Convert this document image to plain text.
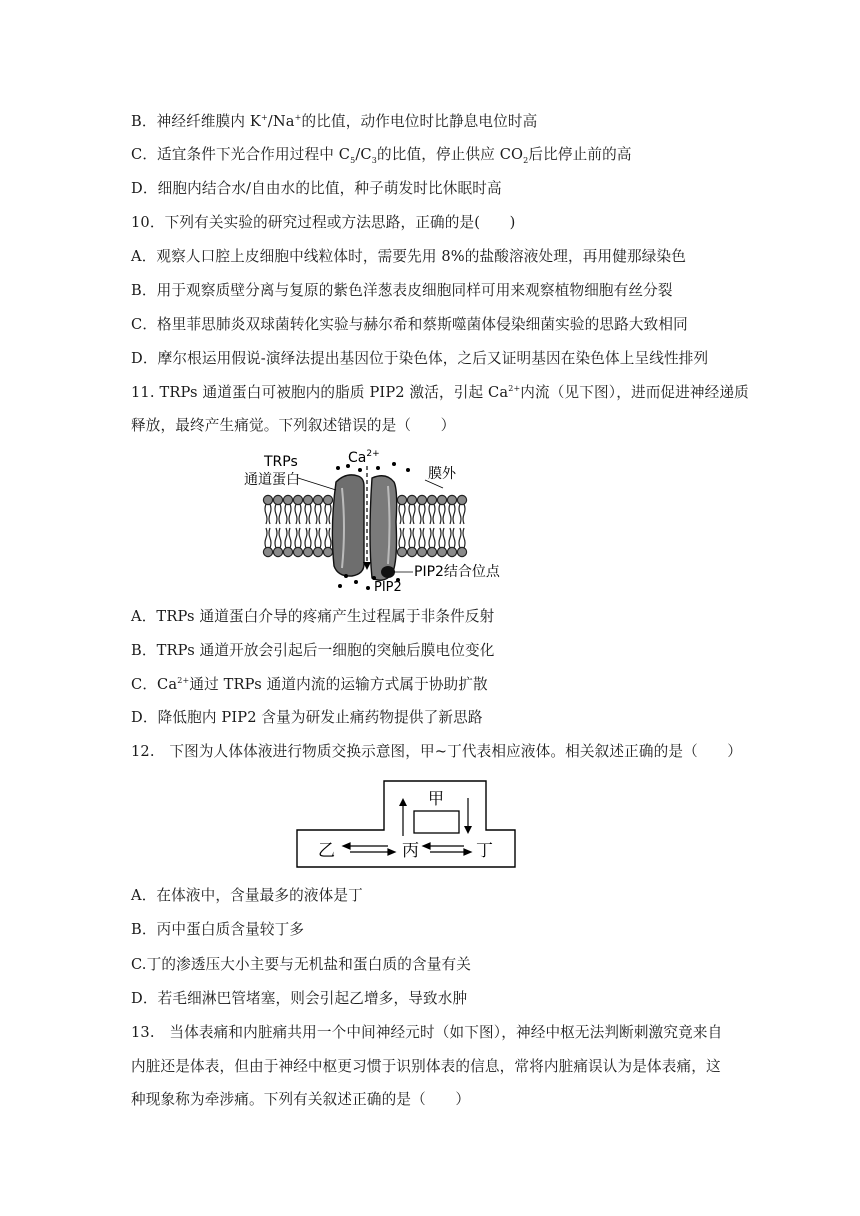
B．神经纤维膜内 K+/Na+的比值，动作电位时比静息电位时高
C．适宜条件下光合作用过程中 $C_5/C_3$的比值，停止供应 $CO_2$后比停止前的高
D．细胞内结合水/自由水的比值，种子萌发时比休眠时高
10．下列有关实验的研究过程或方法思路，正确的是(　　)
A．观察人口腔上皮细胞中线粒体时，需要先用 8%的盐酸溶液处理，再用健那绿染色
B．用于观察质壁分离与复原的紫色洋葱表皮细胞同样可用来观察植物细胞有丝分裂
C．格里菲思肺炎双球菌转化实验与赫尔希和蔡斯噬菌体侵染细菌实验的思路大致相同
D．摩尔根运用假说-演绎法提出基因位于染色体，之后又证明基因在染色体上呈线性排列
11. TRPs 通道蛋白可被胞内的脂质 PIP2 激活，引起 $Ca^{2+}$内流（见下图），进而促进神经递质
释放，最终产生痛觉。下列叙述错误的是（　　）
TRPs
通道蛋白
$Ca^{2+}$
膜外
PIP2结合位点
PIP2
A．TRPs 通道蛋白介导的疼痛产生过程属于非条件反射
B．TRPs 通道开放会引起后一细胞的突触后膜电位变化
C．$Ca^{2+}$通过 TRPs 通道内流的运输方式属于协助扩散
D．降低胞内 PIP2 含量为研发止痛药物提供了新思路
12.　下图为人体体液进行物质交换示意图，甲~丁代表相应液体。相关叙述正确的是（　　）
甲
乙	丙	丁
A．在体液中，含量最多的液体是丁
B．丙中蛋白质含量较丁多
C.丁的渗透压大小主要与无机盐和蛋白质的含量有关
D．若毛细淋巴管堵塞，则会引起乙增多，导致水肿
13.　当体表痛和内脏痛共用一个中间神经元时（如下图），神经中枢无法判断刺激究竟来自
内脏还是体表，但由于神经中枢更习惯于识别体表的信息，常将内脏痛误认为是体表痛，这
种现象称为牵涉痛。下列有关叙述正确的是（　　）
